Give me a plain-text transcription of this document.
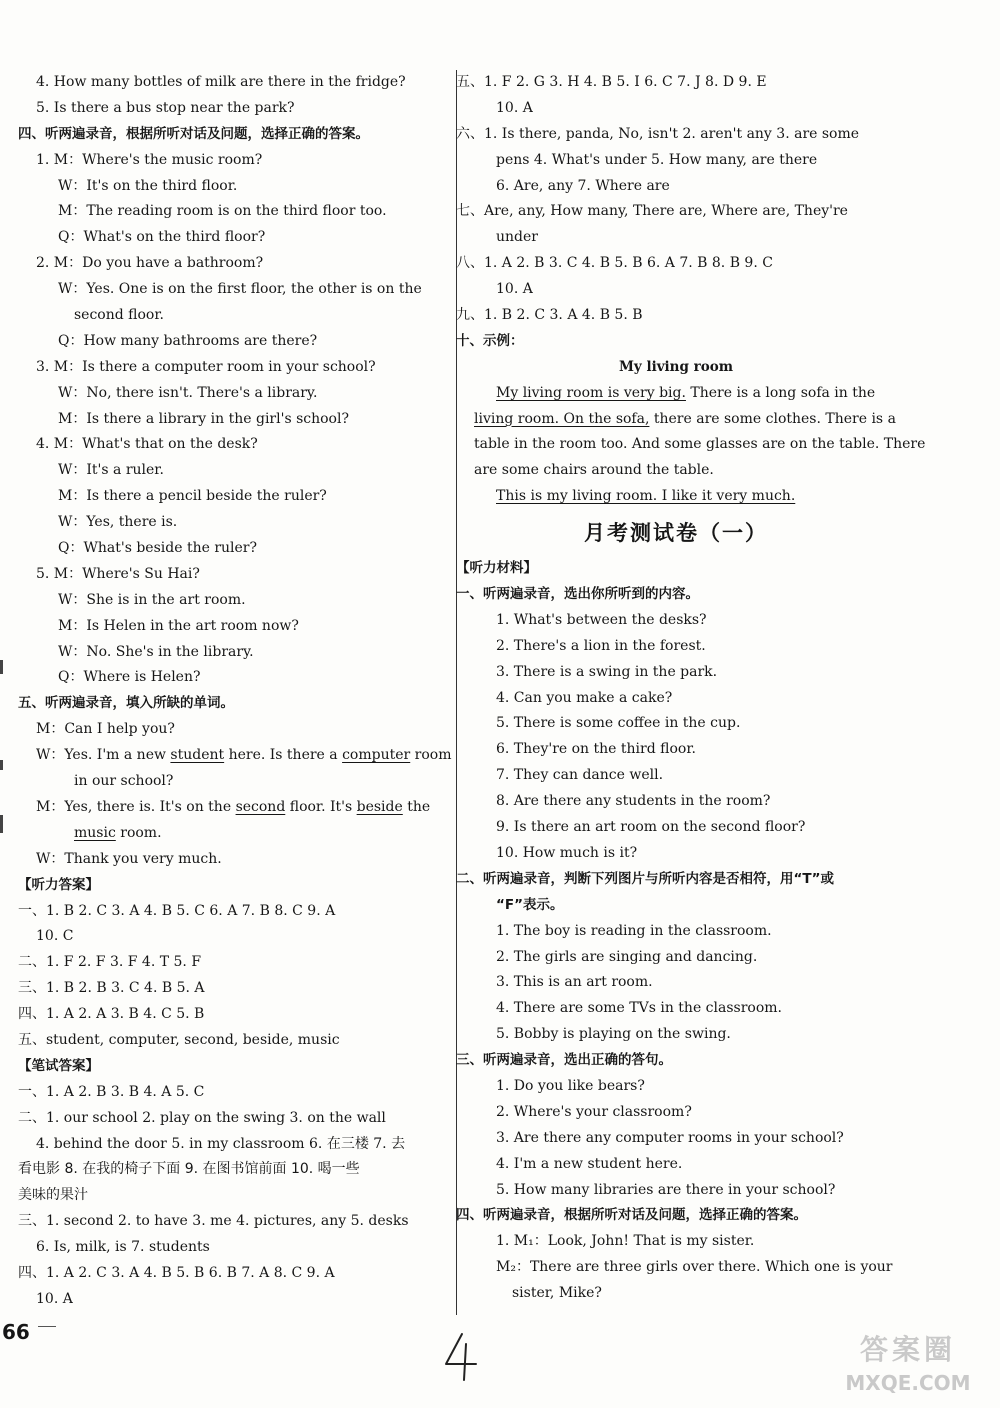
4. How many bottles of milk are there in the fridge?
5. Is there a bus stop near the park?
四、听两遍录音，根据所听对话及问题，选择正确的答案。
1. M：Where's the music room?
W：It's on the third floor.
M：The reading room is on the third floor too.
Q：What's on the third floor?
2. M：Do you have a bathroom?
W：Yes. One is on the first floor, the other is on the
second floor.
Q：How many bathrooms are there?
3. M：Is there a computer room in your school?
W：No, there isn't. There's a library.
M：Is there a library in the girl's school?
4. M：What's that on the desk?
W：It's a ruler.
M：Is there a pencil beside the ruler?
W：Yes, there is.
Q：What's beside the ruler?
5. M：Where's Su Hai?
W：She is in the art room.
M：Is Helen in the art room now?
W：No. She's in the library.
Q：Where is Helen?
五、听两遍录音，填入所缺的单词。
M：Can I help you?
W：Yes. I'm a new student here. Is there a computer room
in our school?
M：Yes, there is. It's on the second floor. It's beside the
music room.
W：Thank you very much.
【听力答案】
一、1. B 2. C 3. A 4. B 5. C 6. A 7. B 8. C 9. A
10. C
二、1. F 2. F 3. F 4. T 5. F
三、1. B 2. B 3. C 4. B 5. A
四、1. A 2. A 3. B 4. C 5. B
五、student, computer, second, beside, music
【笔试答案】
一、1. A 2. B 3. B 4. A 5. C
二、1. our school 2. play on the swing 3. on the wall
4. behind the door 5. in my classroom 6. 在三楼 7. 去
看电影 8. 在我的椅子下面 9. 在图书馆前面 10. 喝一些
美味的果汁
三、1. second 2. to have 3. me 4. pictures, any 5. desks
6. Is, milk, is 7. students
四、1. A 2. C 3. A 4. B 5. B 6. B 7. A 8. C 9. A
10. A
五、1. F 2. G 3. H 4. B 5. I 6. C 7. J 8. D 9. E
10. A
六、1. Is there, panda, No, isn't 2. aren't any 3. are some
pens 4. What's under 5. How many, are there
6. Are, any 7. Where are
七、Are, any, How many, There are, Where are, They're
under
八、1. A 2. B 3. C 4. B 5. B 6. A 7. B 8. B 9. C
10. A
九、1. B 2. C 3. A 4. B 5. B
十、示例：
My living room
My living room is very big. There is a long sofa in the
living room. On the sofa, there are some clothes. There is a
table in the room too. And some glasses are on the table. There
are some chairs around the table.
This is my living room. I like it very much.
月考测试卷（一）
【听力材料】
一、听两遍录音，选出你所听到的内容。
1. What's between the desks?
2. There's a lion in the forest.
3. There is a swing in the park.
4. Can you make a cake?
5. There is some coffee in the cup.
6. They're on the third floor.
7. They can dance well.
8. Are there any students in the room?
9. Is there an art room on the second floor?
10. How much is it?
二、听两遍录音，判断下列图片与所听内容是否相符，用“T”或
“F”表示。
1. The boy is reading in the classroom.
2. The girls are singing and dancing.
3. This is an art room.
4. There are some TVs in the classroom.
5. Bobby is playing on the swing.
三、听两遍录音，选出正确的答句。
1. Do you like bears?
2. Where's your classroom?
3. Are there any computer rooms in your school?
4. I'm a new student here.
5. How many libraries are there in your school?
四、听两遍录音，根据所听对话及问题，选择正确的答案。
1. M₁：Look, John! That is my sister.
M₂：There are three girls over there. Which one is your
sister, Mike?
66
答案圈
MXQE.COM
